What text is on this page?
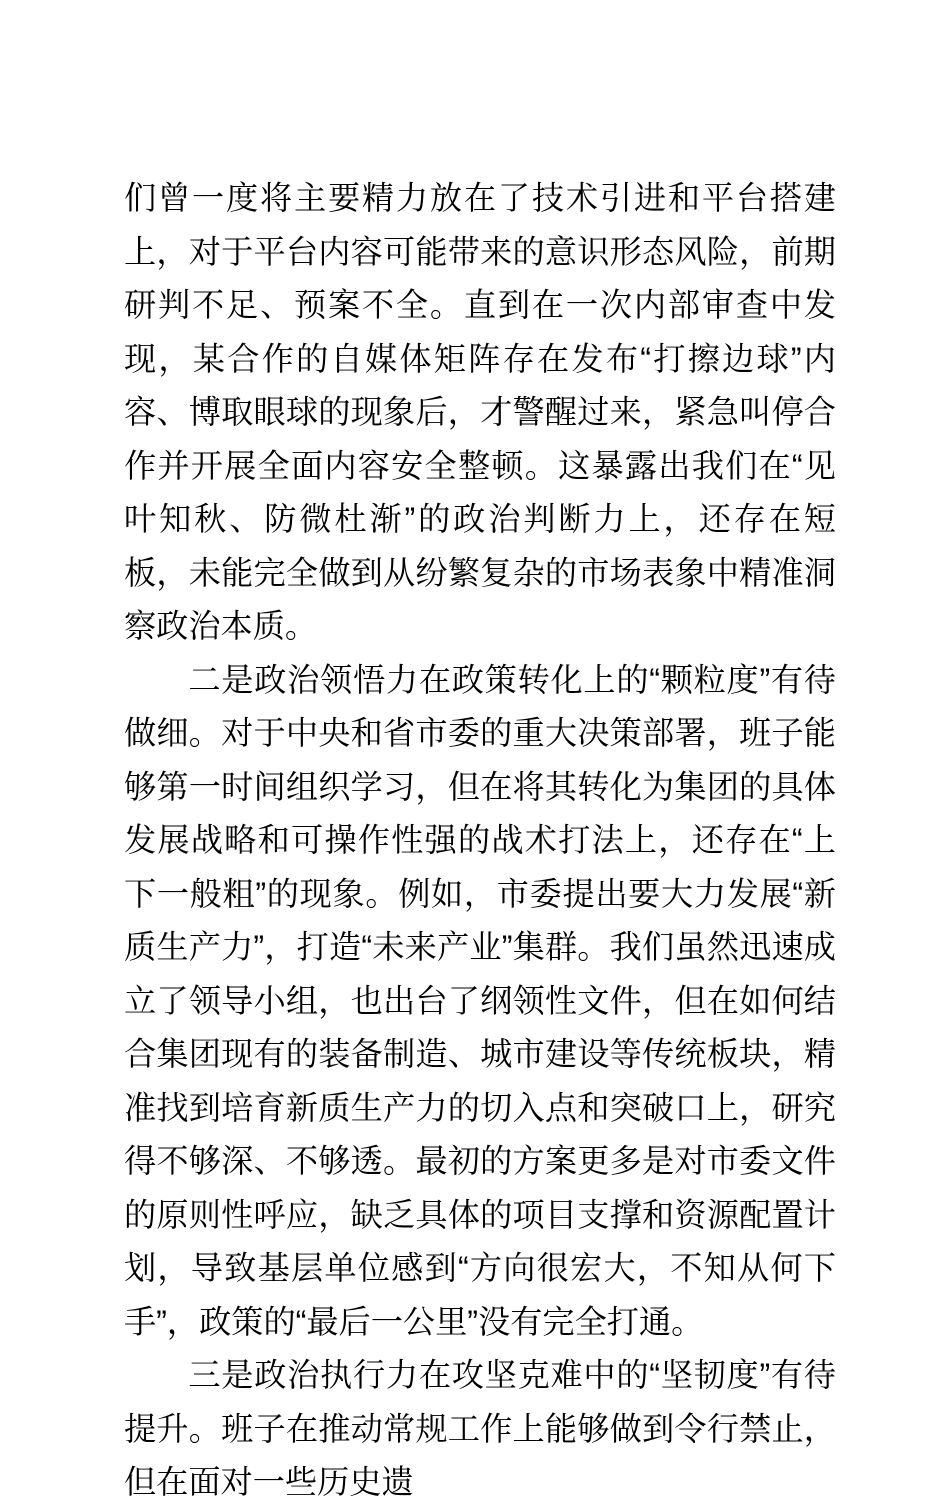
们曾一度将主要精力放在了技术引进和平台搭建上，对于平台内容可能带来的意识形态风险，前期研判不足、预案不全。直到在一次内部审查中发现，某合作的自媒体矩阵存在发布“打擦边球”内容、博取眼球的现象后，才警醒过来，紧急叫停合作并开展全面内容安全整顿。这暴露出我们在“见叶知秋、防微杜渐”的政治判断力上，还存在短板，未能完全做到从纷繁复杂的市场表象中精准洞察政治本质。

二是政治领悟力在政策转化上的“颗粒度”有待做细。对于中央和省市委的重大决策部署，班子能够第一时间组织学习，但在将其转化为集团的具体发展战略和可操作性强的战术打法上，还存在“上下一般粗”的现象。例如，市委提出要大力发展“新质生产力”，打造“未来产业”集群。我们虽然迅速成立了领导小组，也出台了纲领性文件，但在如何结合集团现有的装备制造、城市建设等传统板块，精准找到培育新质生产力的切入点和突破口上，研究得不够深、不够透。最初的方案更多是对市委文件的原则性呼应，缺乏具体的项目支撑和资源配置计划，导致基层单位感到“方向很宏大，不知从何下手”，政策的“最后一公里”没有完全打通。

三是政治执行力在攻坚克难中的“坚韧度”有待提升。班子在推动常规工作上能够做到令行禁止，但在面对一些历史遗
